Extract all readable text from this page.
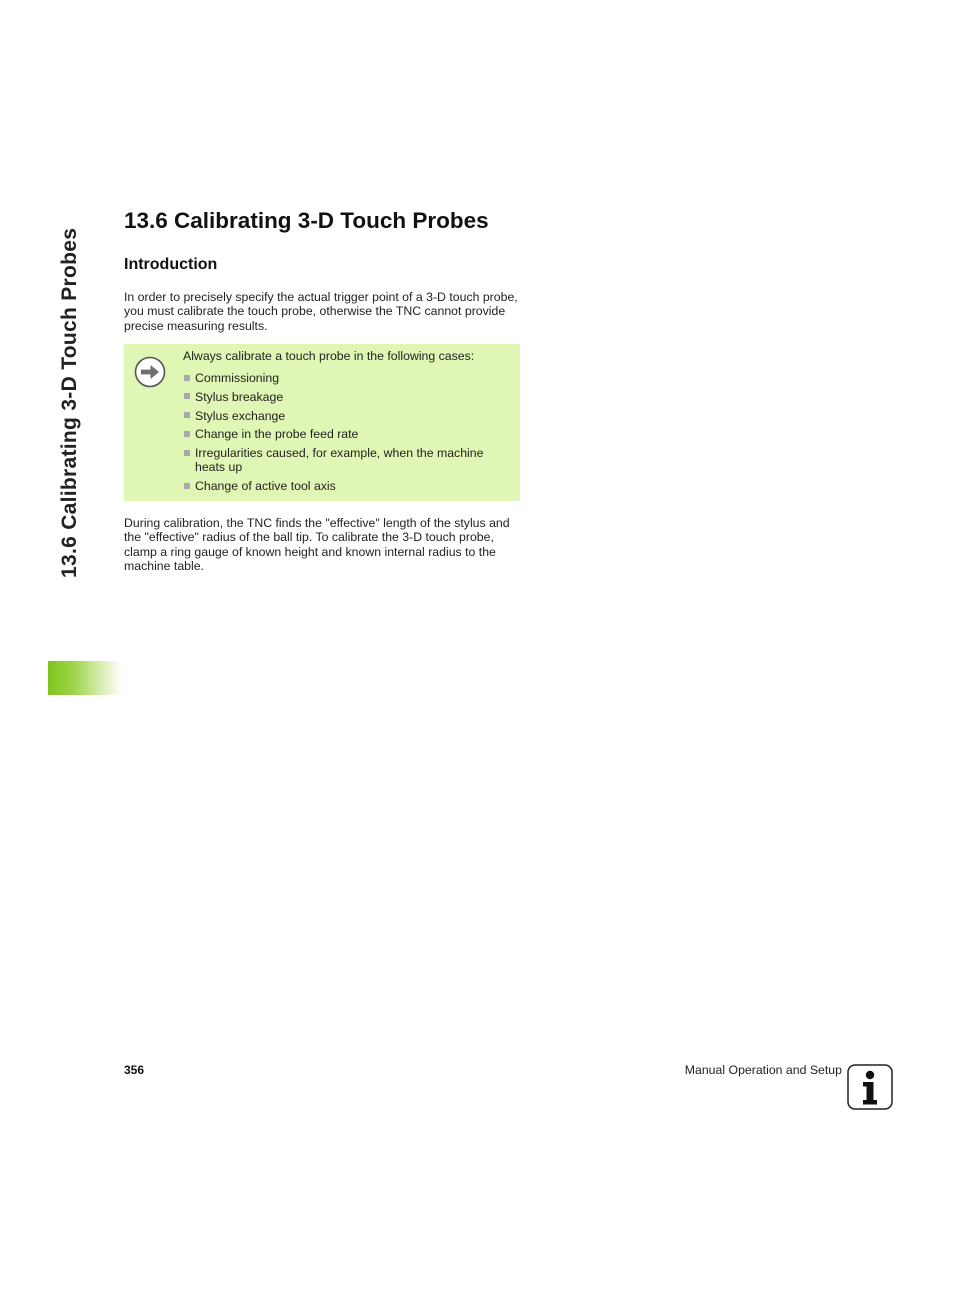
13.6 Calibrating 3-D Touch Probes
13.6 Calibrating 3-D Touch Probes
Introduction

In order to precisely specify the actual trigger point of a 3-D touch probe, you must calibrate the touch probe, otherwise the TNC cannot provide precise measuring results.

Always calibrate a touch probe in the following cases:

Commissioning
Stylus breakage
Stylus exchange
Change in the probe feed rate
Irregularities caused, for example, when the machine heats up
Change of active tool axis

During calibration, the TNC finds the "effective" length of the stylus and the "effective" radius of the ball tip. To calibrate the 3-D touch probe, clamp a ring gauge of known height and known internal radius to the machine table.

356	Manual Operation and Setup
